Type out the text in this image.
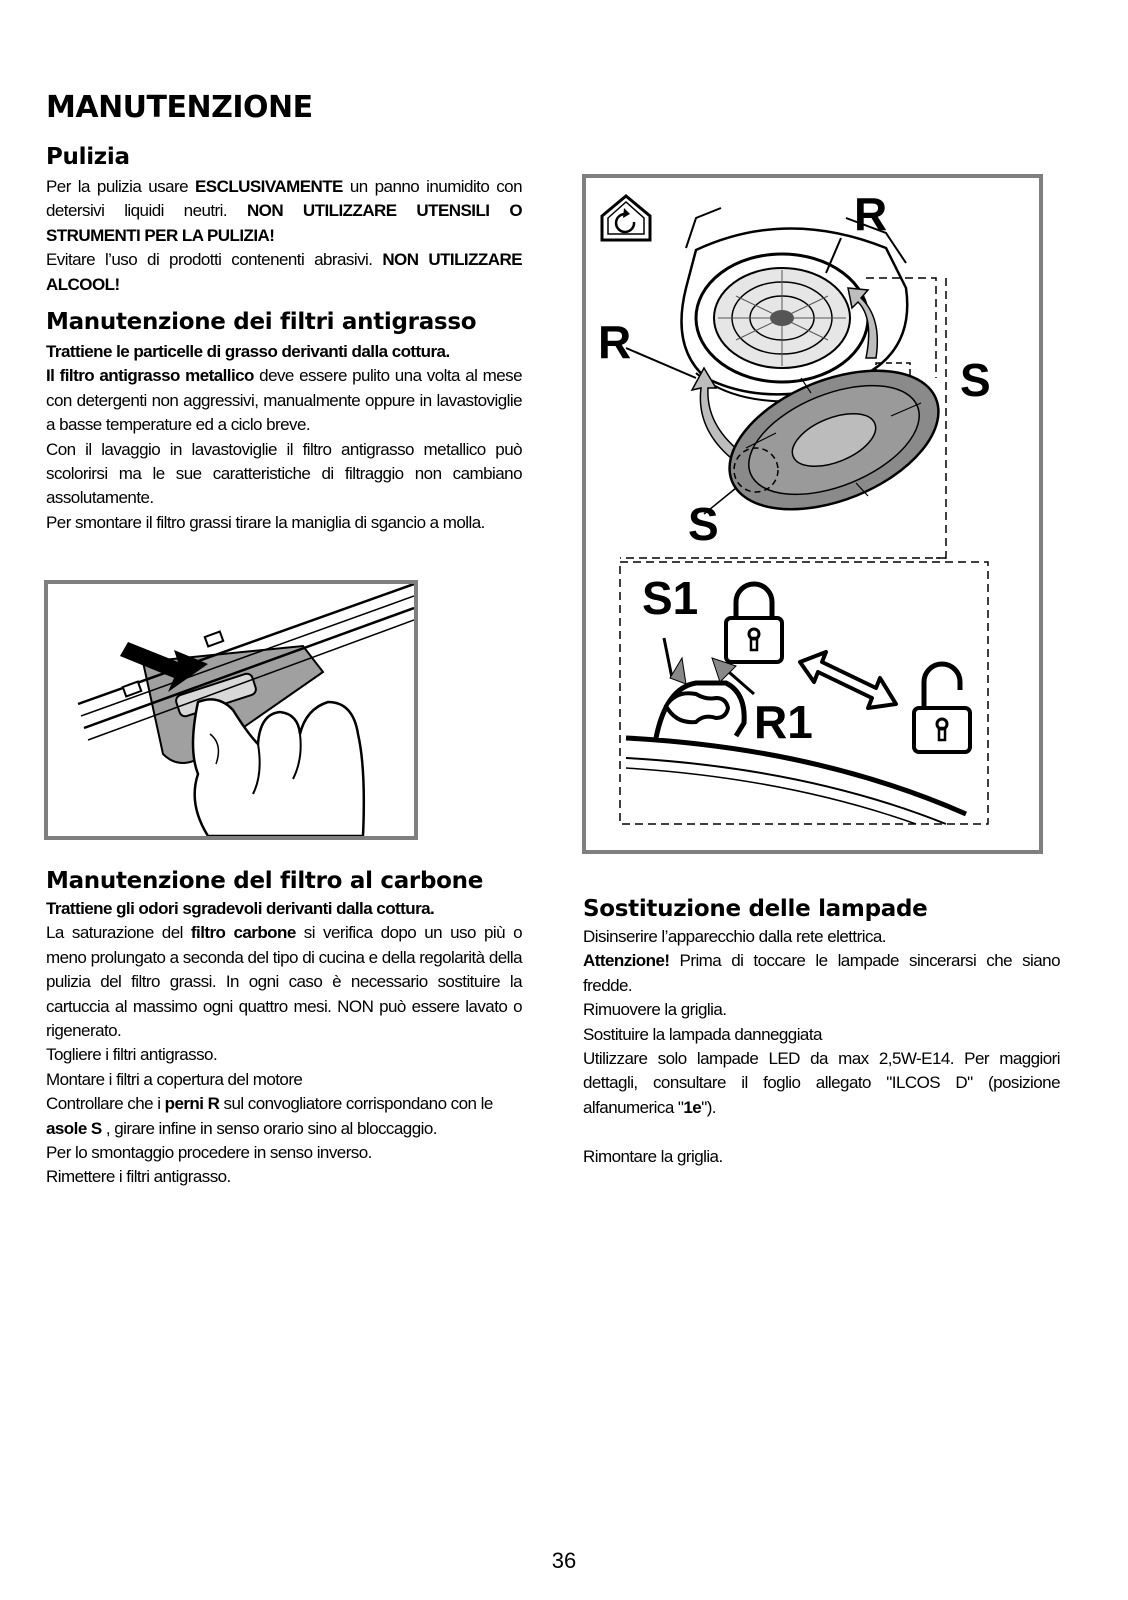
MANUTENZIONE
Pulizia

Per la pulizia usare ESCLUSIVAMENTE un panno inumidito con detersivi liquidi neutri. NON UTILIZZARE UTENSILI O STRUMENTI PER LA PULIZIA!

Evitare l’uso di prodotti contenenti abrasivi. NON UTILIZZARE ALCOOL!

Manutenzione dei filtri antigrasso

Trattiene le particelle di grasso derivanti dalla cottura.

Il filtro antigrasso metallico deve essere pulito una volta al mese con detergenti non aggressivi, manualmente oppure in lavastoviglie a basse temperature ed a ciclo breve.

Con il lavaggio in lavastoviglie il filtro antigrasso metallico può scolorirsi ma le sue caratteristiche di filtraggio non cambiano assolutamente.

Per smontare il filtro grassi tirare la maniglia di sgancio a molla.

Manutenzione del filtro al carbone

Trattiene gli odori sgradevoli derivanti dalla cottura.

La saturazione del filtro carbone si verifica dopo un uso più o meno prolungato a seconda del tipo di cucina e della regolarità della pulizia del filtro grassi. In ogni caso è necessario sostituire la cartuccia al massimo ogni quattro mesi. NON può essere lavato o rigenerato.

Togliere i filtri antigrasso.

Montare i filtri a copertura del motore

Controllare che i perni R sul convogliatore corrispondano con le asole S , girare infine in senso orario sino al bloccaggio.

Per lo smontaggio procedere in senso inverso.

Rimettere i filtri antigrasso.

R
R
S
S
S1
R1
Sostituzione delle lampade

Disinserire l’apparecchio dalla rete elettrica.

Attenzione! Prima di toccare le lampade sincerarsi che siano fredde.

Rimuovere la griglia.

Sostituire la lampada danneggiata

Utilizzare solo lampade LED da max 2,5W-E14. Per maggiori dettagli, consultare il foglio allegato "ILCOS D" (posizione alfanumerica "1e").

Rimontare la griglia.

36
